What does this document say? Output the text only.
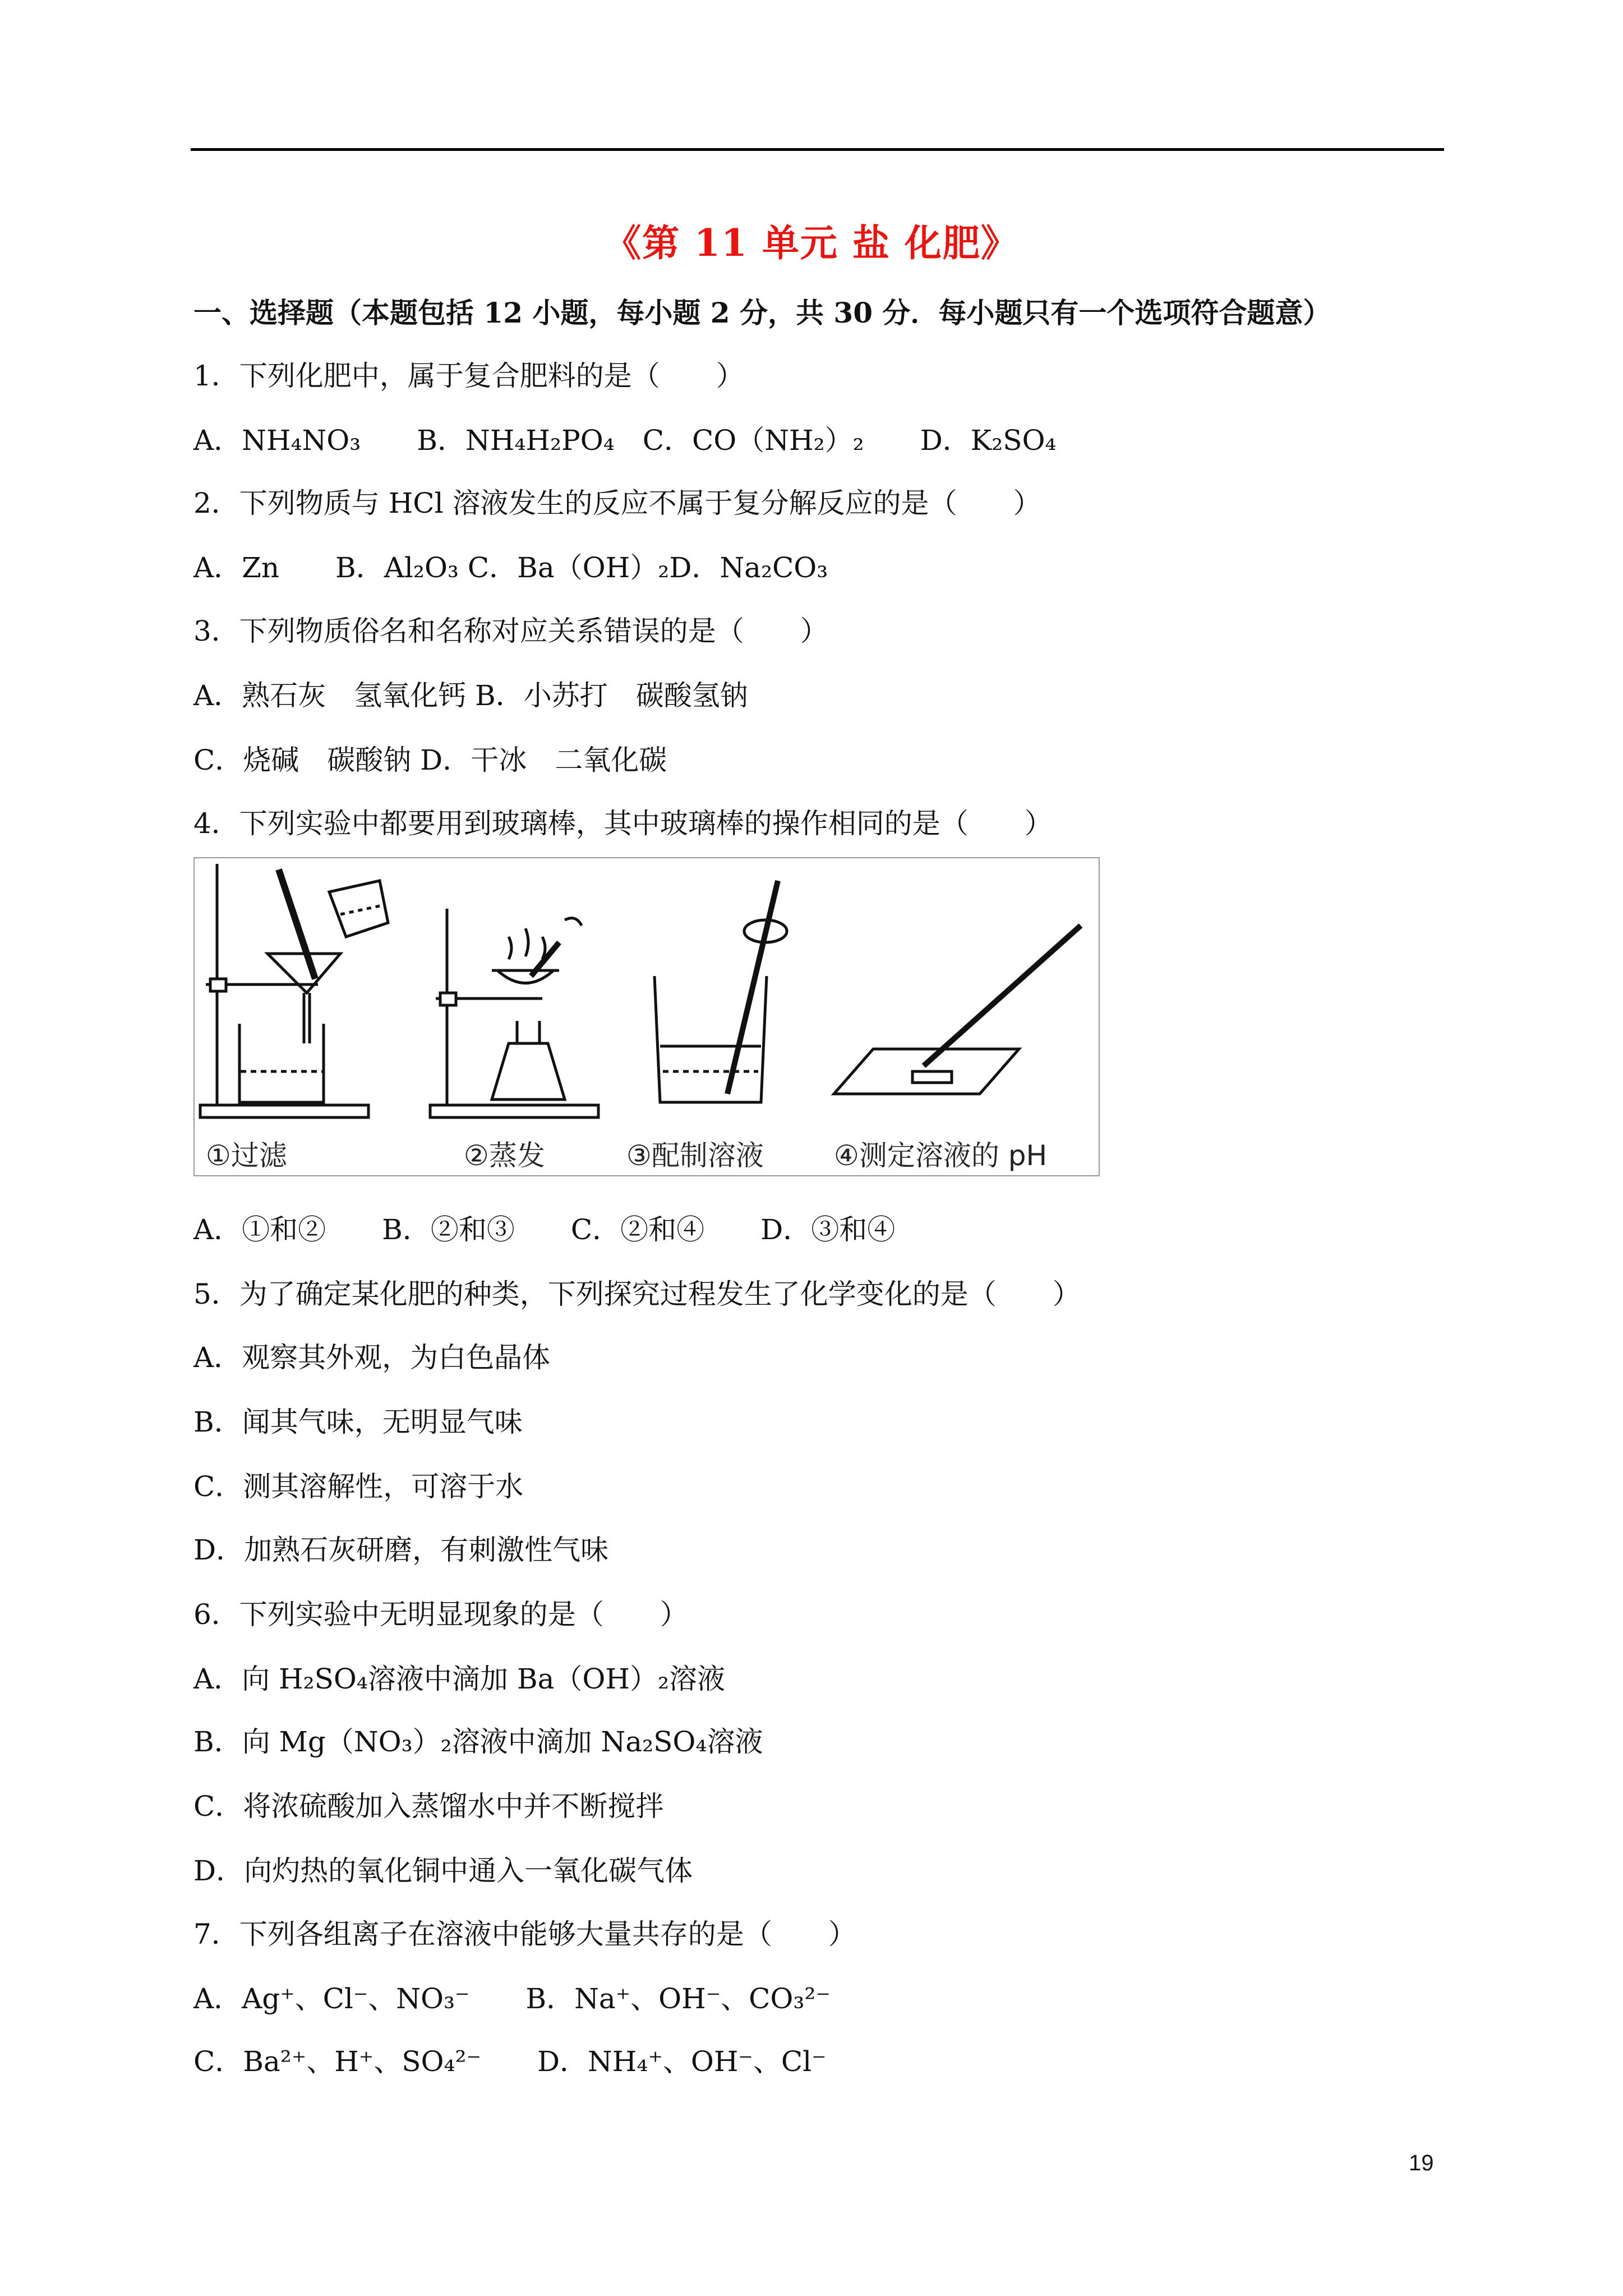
《第 11 单元 盐 化肥》
一、选择题（本题包括 12 小题，每小题 2 分，共 30 分．每小题只有一个选项符合题意）
1．下列化肥中，属于复合肥料的是（　　）
A．NH₄NO₃　　B．NH₄H₂PO₄　C．CO（NH₂）₂　　D．K₂SO₄
2．下列物质与 HCl 溶液发生的反应不属于复分解反应的是（　　）
A．Zn　　B．Al₂O₃ C．Ba（OH）₂D．Na₂CO₃
3．下列物质俗名和名称对应关系错误的是（　　）
A．熟石灰　氢氧化钙 B．小苏打　碳酸氢钠
C．烧碱　碳酸钠 D．干冰　二氧化碳
4．下列实验中都要用到玻璃棒，其中玻璃棒的操作相同的是（　　）
①过滤	②蒸发	③配制溶液	④测定溶液的 pH
A．①和②　　B．②和③　　C．②和④　　D．③和④
5．为了确定某化肥的种类，下列探究过程发生了化学变化的是（　　）
A．观察其外观，为白色晶体
B．闻其气味，无明显气味
C．测其溶解性，可溶于水
D．加熟石灰研磨，有刺激性气味
6．下列实验中无明显现象的是（　　）
A．向 H₂SO₄溶液中滴加 Ba（OH）₂溶液
B．向 Mg（NO₃）₂溶液中滴加 Na₂SO₄溶液
C．将浓硫酸加入蒸馏水中并不断搅拌
D．向灼热的氧化铜中通入一氧化碳气体
7．下列各组离子在溶液中能够大量共存的是（　　）
A．Ag⁺、Cl⁻、NO₃⁻　　B．Na⁺、OH⁻、CO₃²⁻
C．Ba²⁺、H⁺、SO₄²⁻　　D．NH₄⁺、OH⁻、Cl⁻
19
